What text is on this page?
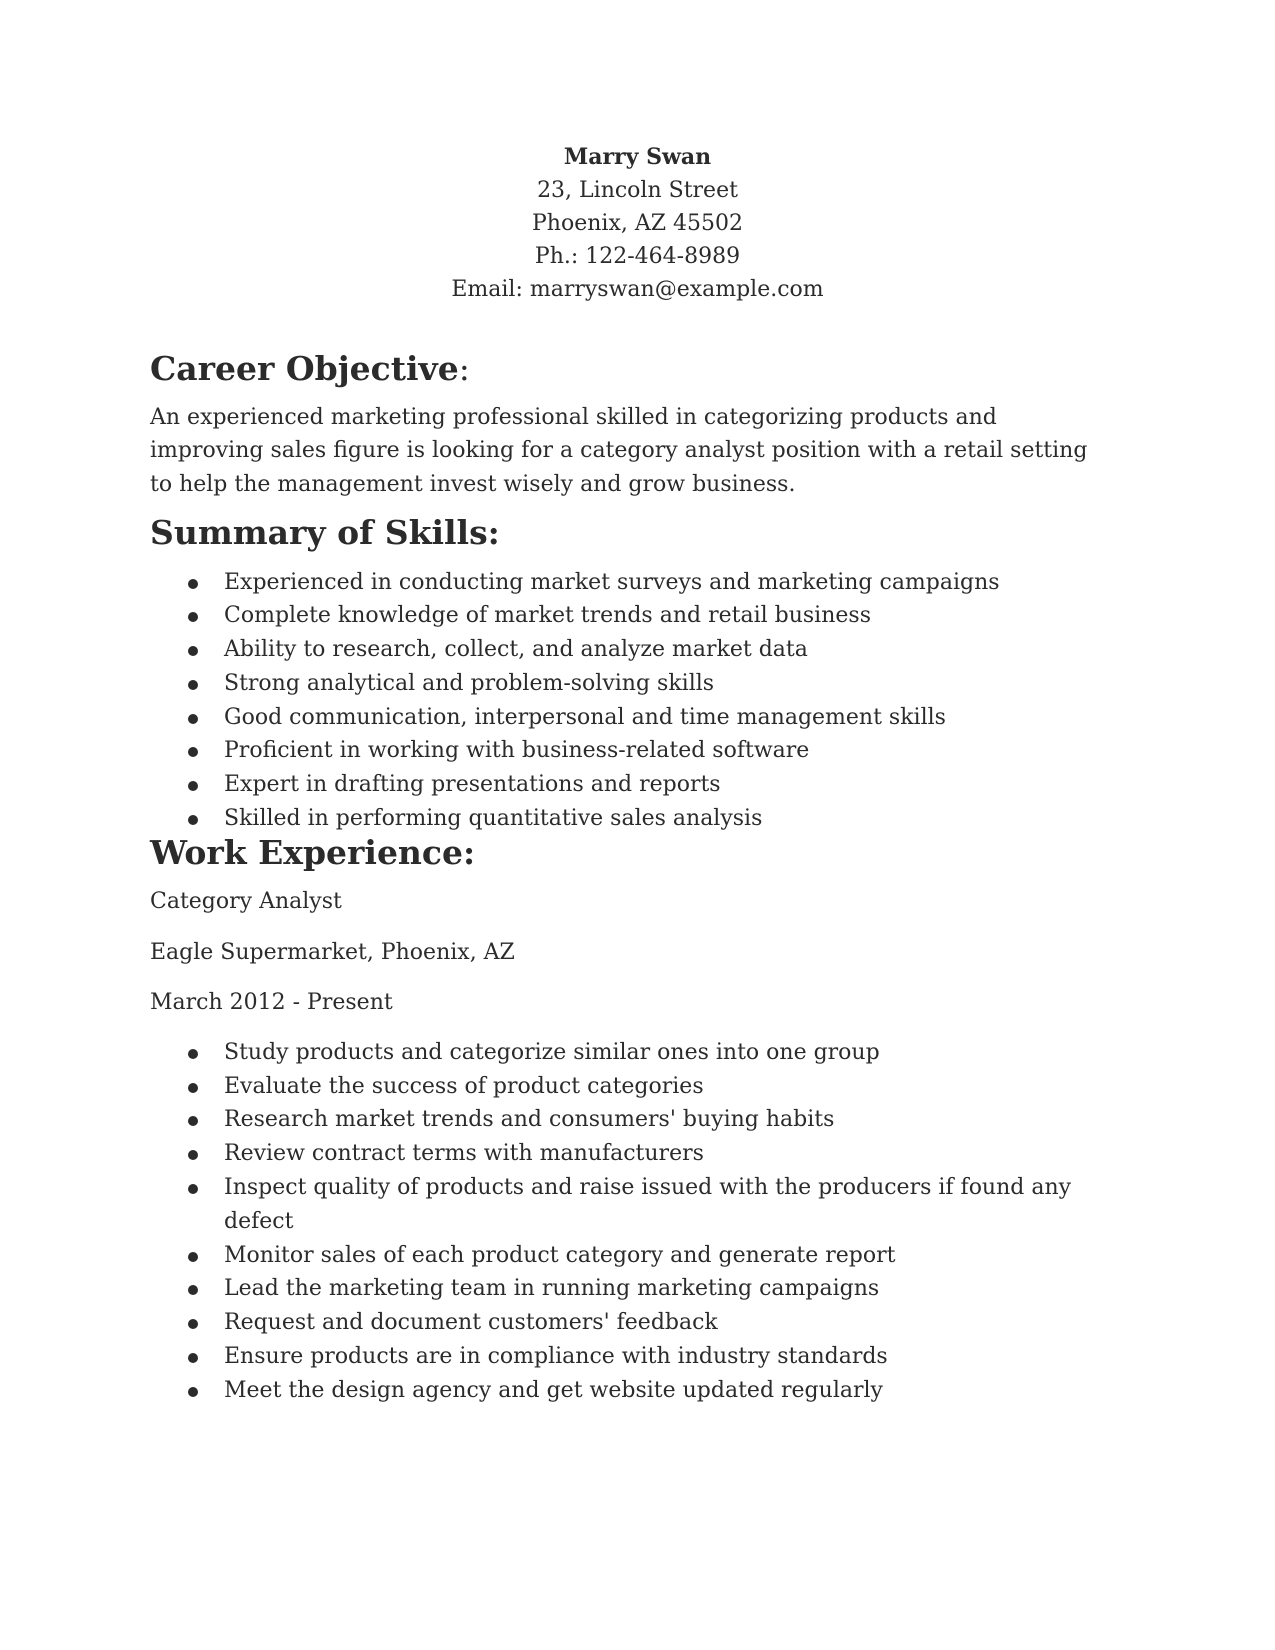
Marry Swan
23, Lincoln Street
Phoenix, AZ 45502
Ph.: 122-464-8989
Email: marryswan@example.com
Career Objective:

An experienced marketing professional skilled in categorizing products and improving sales figure is looking for a category analyst position with a retail setting to help the management invest wisely and grow business.

Summary of Skills:
Experienced in conducting market surveys and marketing campaigns
Complete knowledge of market trends and retail business
Ability to research, collect, and analyze market data
Strong analytical and problem-solving skills
Good communication, interpersonal and time management skills
Proficient in working with business-related software
Expert in drafting presentations and reports
Skilled in performing quantitative sales analysis
Work Experience:

Category Analyst

Eagle Supermarket, Phoenix, AZ

March 2012 - Present

Study products and categorize similar ones into one group
Evaluate the success of product categories
Research market trends and consumers' buying habits
Review contract terms with manufacturers
Inspect quality of products and raise issued with the producers if found any defect
Monitor sales of each product category and generate report
Lead the marketing team in running marketing campaigns
Request and document customers' feedback
Ensure products are in compliance with industry standards
Meet the design agency and get website updated regularly
